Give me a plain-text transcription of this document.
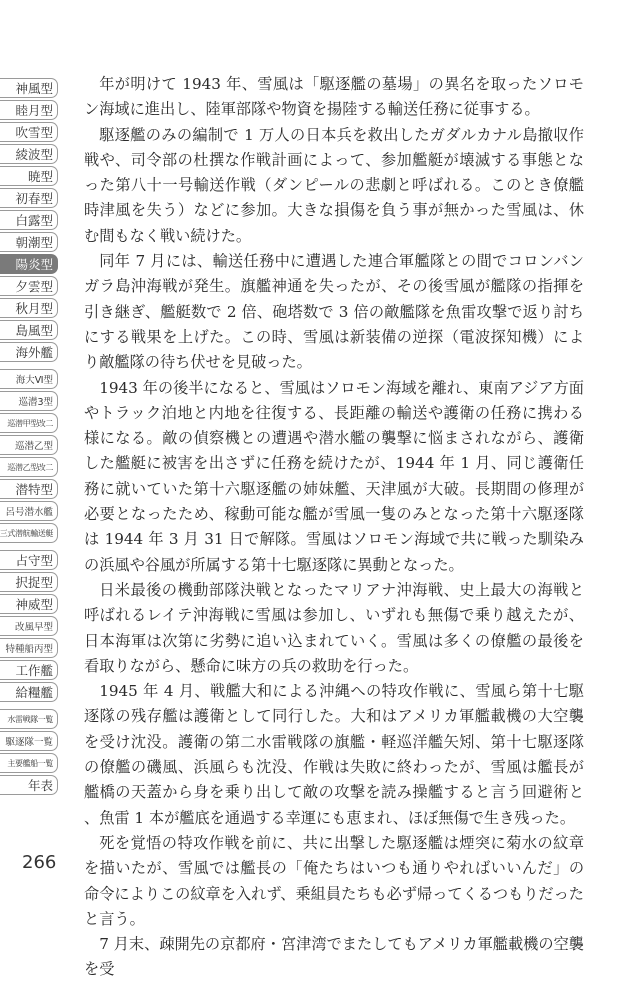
神風型
睦月型
吹雪型
綾波型
暁型
初春型
白露型
朝潮型
陽炎型
夕雲型
秋月型
島風型
海外艦
海大Ⅵ型
巡潜3型
巡潜甲型改二
巡潜乙型
巡潜乙型改二
潜特型
呂号潜水艦
三式潜航輸送艇
占守型
択捉型
神威型
改風早型
特種船丙型
工作艦
給糧艦
水雷戦隊一覧
駆逐隊一覧
主要艦船一覧
年表

年が明けて 1943 年、雪風は「駆逐艦の墓場」の異名を取ったソロモン海域に進出し、陸軍部隊や物資を揚陸する輸送任務に従事する。

駆逐艦のみの編制で 1 万人の日本兵を救出したガダルカナル島撤収作戦や、司令部の杜撰な作戦計画によって、参加艦艇が壊滅する事態となった第八十一号輸送作戦（ダンピールの悲劇と呼ばれる。このとき僚艦時津風を失う）などに参加。大きな損傷を負う事が無かった雪風は、休む間もなく戦い続けた。

同年 7 月には、輸送任務中に遭遇した連合軍艦隊との間でコロンバンガラ島沖海戦が発生。旗艦神通を失ったが、その後雪風が艦隊の指揮を引き継ぎ、艦艇数で 2 倍、砲塔数で 3 倍の敵艦隊を魚雷攻撃で返り討ちにする戦果を上げた。この時、雪風は新装備の逆探（電波探知機）により敵艦隊の待ち伏せを見破った。

1943 年の後半になると、雪風はソロモン海域を離れ、東南アジア方面やトラック泊地と内地を往復する、長距離の輸送や護衛の任務に携わる様になる。敵の偵察機との遭遇や潜水艦の襲撃に悩まされながら、護衛した艦艇に被害を出さずに任務を続けたが、1944 年 1 月、同じ護衛任務に就いていた第十六駆逐艦の姉妹艦、天津風が大破。長期間の修理が必要となったため、稼動可能な艦が雪風一隻のみとなった第十六駆逐隊は 1944 年 3 月 31 日で解隊。雪風はソロモン海域で共に戦った馴染みの浜風や谷風が所属する第十七駆逐隊に異動となった。

日米最後の機動部隊決戦となったマリアナ沖海戦、史上最大の海戦と呼ばれるレイテ沖海戦に雪風は参加し、いずれも無傷で乗り越えたが、日本海軍は次第に劣勢に追い込まれていく。雪風は多くの僚艦の最後を看取りながら、懸命に味方の兵の救助を行った。

1945 年 4 月、戦艦大和による沖縄への特攻作戦に、雪風ら第十七駆逐隊の残存艦は護衛として同行した。大和はアメリカ軍艦載機の大空襲を受け沈没。護衛の第二水雷戦隊の旗艦・軽巡洋艦矢矧、第十七駆逐隊の僚艦の磯風、浜風らも沈没、作戦は失敗に終わったが、雪風は艦長が艦橋の天蓋から身を乗り出して敵の攻撃を読み操艦すると言う回避術と、魚雷 1 本が艦底を通過する幸運にも恵まれ、ほぼ無傷で生き残った。

死を覚悟の特攻作戦を前に、共に出撃した駆逐艦は煙突に菊水の紋章を描いたが、雪風では艦長の「俺たちはいつも通りやればいいんだ」の命令によりこの紋章を入れず、乗組員たちも必ず帰ってくるつもりだったと言う。

7 月末、疎開先の京都府・宮津湾でまたしてもアメリカ軍艦載機の空襲を受

266
